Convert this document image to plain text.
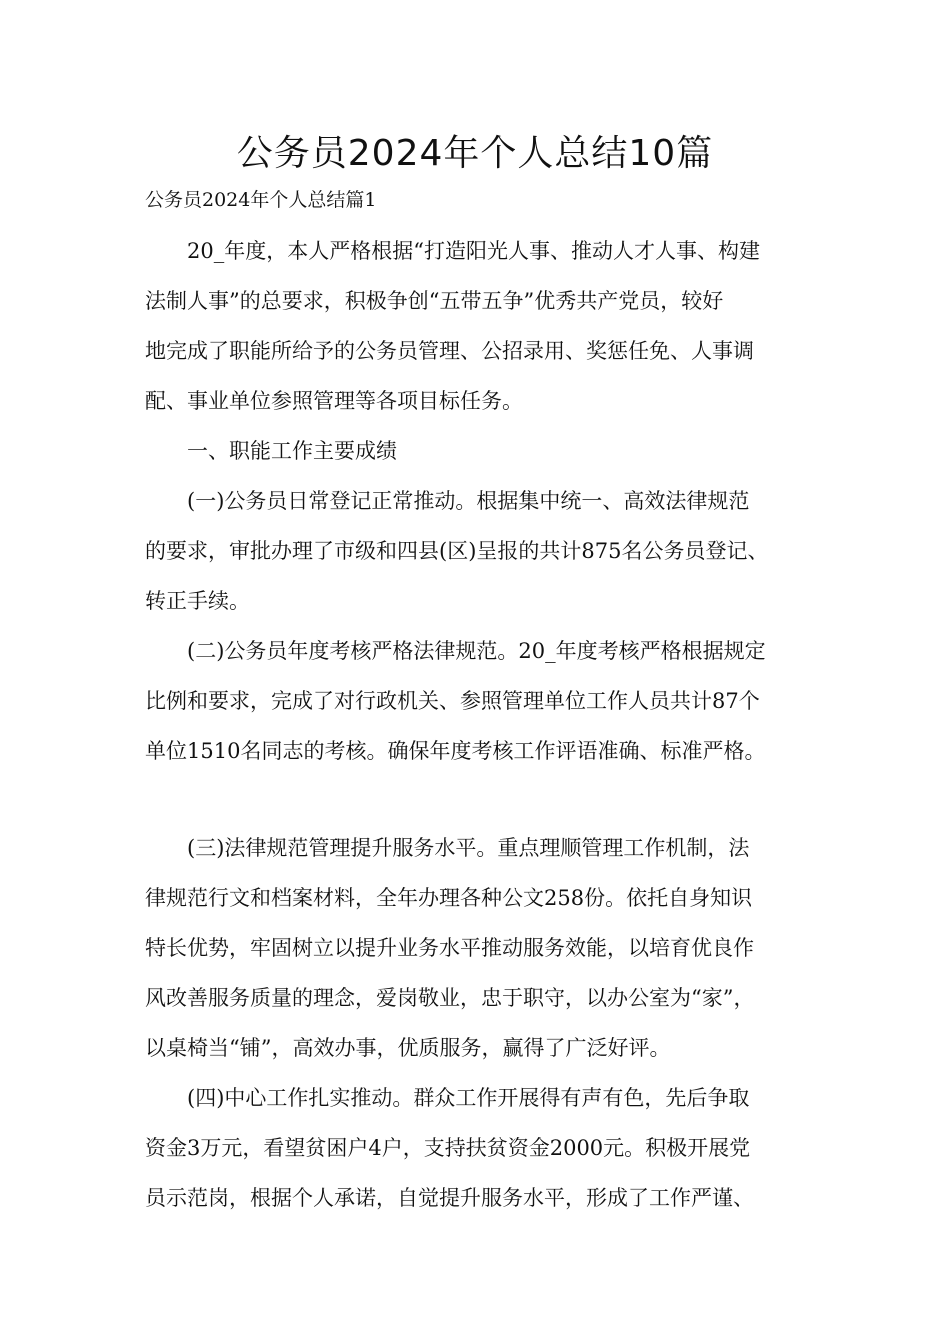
公务员2024年个人总结10篇
公务员2024年个人总结篇1
20_年度，本人严格根据“打造阳光人事、推动人才人事、构建
法制人事”的总要求，积极争创“五带五争”优秀共产党员，较好
地完成了职能所给予的公务员管理、公招录用、奖惩任免、人事调
配、事业单位参照管理等各项目标任务。
一、职能工作主要成绩
(一)公务员日常登记正常推动。根据集中统一、高效法律规范
的要求，审批办理了市级和四县(区)呈报的共计875名公务员登记、
转正手续。
(二)公务员年度考核严格法律规范。20_年度考核严格根据规定
比例和要求，完成了对行政机关、参照管理单位工作人员共计87个
单位1510名同志的考核。确保年度考核工作评语准确、标准严格。
(三)法律规范管理提升服务水平。重点理顺管理工作机制，法
律规范行文和档案材料，全年办理各种公文258份。依托自身知识
特长优势，牢固树立以提升业务水平推动服务效能，以培育优良作
风改善服务质量的理念，爱岗敬业，忠于职守，以办公室为“家”，
以桌椅当“铺”，高效办事，优质服务，赢得了广泛好评。
(四)中心工作扎实推动。群众工作开展得有声有色，先后争取
资金3万元，看望贫困户4户，支持扶贫资金2000元。积极开展党
员示范岗，根据个人承诺，自觉提升服务水平，形成了工作严谨、
